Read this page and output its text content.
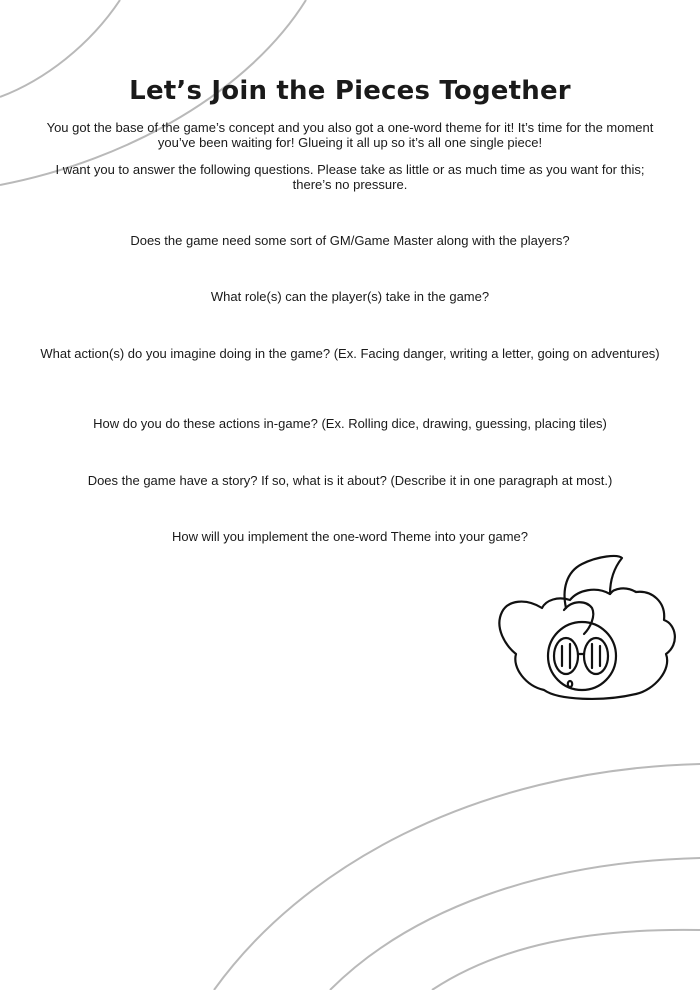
Let’s Join the Pieces Together

You got the base of the game’s concept and you also got a one-word theme for it! It’s time for the moment you’ve been waiting for! Glueing it all up so it’s all one single piece!

I want you to answer the following questions. Please take as little or as much time as you want for this; there’s no pressure.

Does the game need some sort of GM/Game Master along with the players?

What role(s) can the player(s) take in the game?

What action(s) do you imagine doing in the game? (Ex. Facing danger, writing a letter, going on adventures)

How do you do these actions in-game? (Ex. Rolling dice, drawing, guessing, placing tiles)

Does the game have a story? If so, what is it about? (Describe it in one paragraph at most.)

How will you implement the one-word Theme into your game?
